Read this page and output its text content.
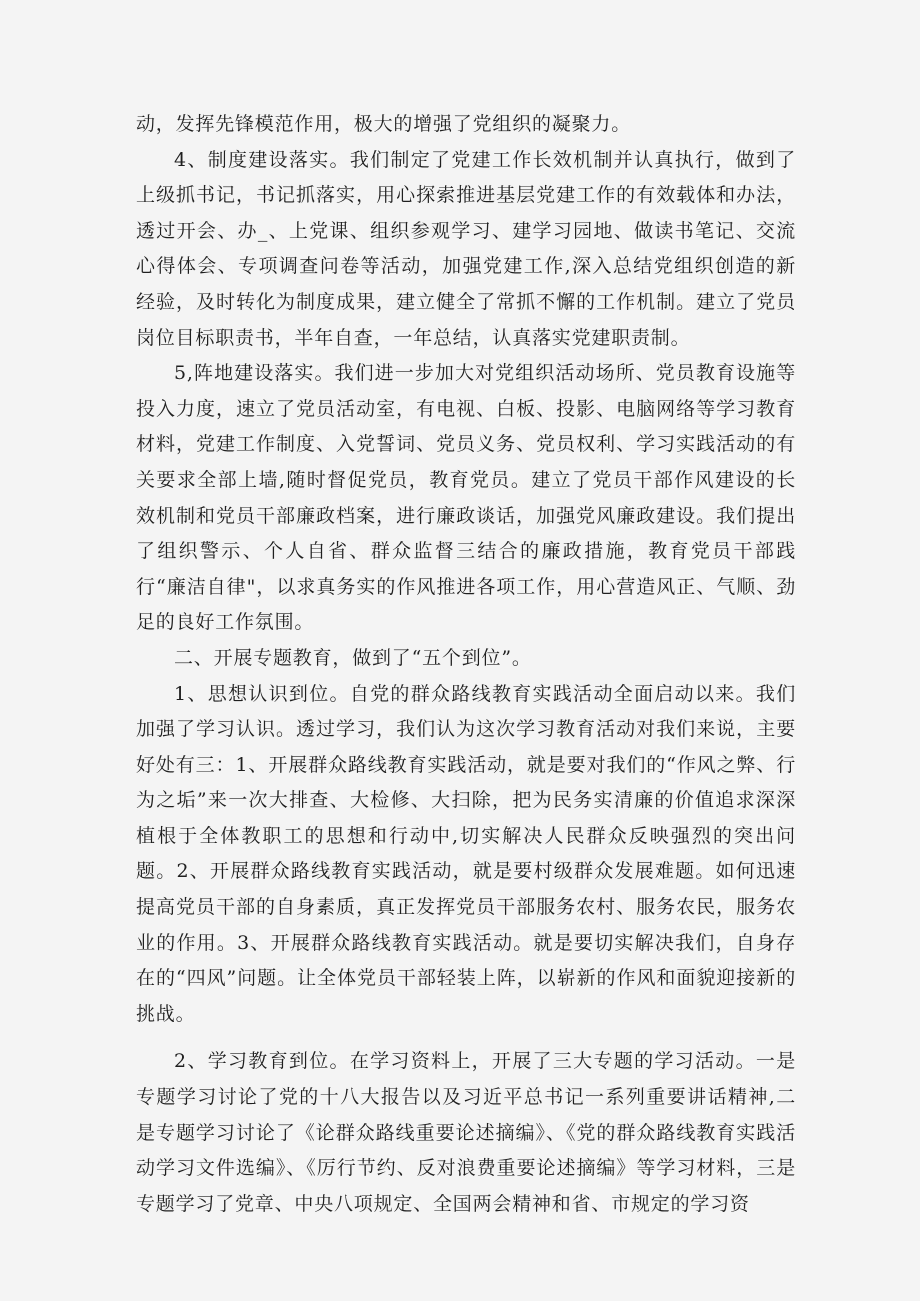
动，发挥先锋模范作用，极大的增强了党组织的凝聚力。

4、制度建设落实。我们制定了党建工作长效机制并认真执行，做到了上级抓书记，书记抓落实，用心探索推进基层党建工作的有效载体和办法，透过开会、办_、上党课、组织参观学习、建学习园地、做读书笔记、交流心得体会、专项调查问卷等活动，加强党建工作,深入总结党组织创造的新经验，及时转化为制度成果，建立健全了常抓不懈的工作机制。建立了党员岗位目标职责书，半年自查，一年总结，认真落实党建职责制。

5,阵地建设落实。我们进一步加大对党组织活动场所、党员教育设施等投入力度，速立了党员活动室，有电视、白板、投影、电脑网络等学习教育材料，党建工作制度、入党誓词、党员义务、党员权利、学习实践活动的有关要求全部上墙,随时督促党员，教育党员。建立了党员干部作风建设的长效机制和党员干部廉政档案，进行廉政谈话，加强党风廉政建设。我们提出了组织警示、个人自省、群众监督三结合的廉政措施，教育党员干部践行“廉洁自律"，以求真务实的作风推进各项工作，用心营造风正、气顺、劲足的良好工作氛围。

二、开展专题教育，做到了“五个到位”。

1、思想认识到位。自党的群众路线教育实践活动全面启动以来。我们加强了学习认识。透过学习，我们认为这次学习教育活动对我们来说，主要好处有三：1、开展群众路线教育实践活动，就是要对我们的“作风之弊、行为之垢”来一次大排查、大检修、大扫除，把为民务实清廉的价值追求深深植根于全体教职工的思想和行动中,切实解决人民群众反映强烈的突出问题。2、开展群众路线教育实践活动，就是要村级群众发展难题。如何迅速提高党员干部的自身素质，真正发挥党员干部服务农村、服务农民，服务农业的作用。3、开展群众路线教育实践活动。就是要切实解决我们，自身存在的“四风”问题。让全体党员干部轻装上阵，以崭新的作风和面貌迎接新的挑战。

2、学习教育到位。在学习资料上，开展了三大专题的学习活动。一是专题学习讨论了党的十八大报告以及习近平总书记一系列重要讲话精神,二是专题学习讨论了《论群众路线重要论述摘编》、《党的群众路线教育实践活动学习文件选编》、《厉行节约、反对浪费重要论述摘编》等学习材料，三是专题学习了党章、中央八项规定、全国两会精神和省、市规定的学习资
